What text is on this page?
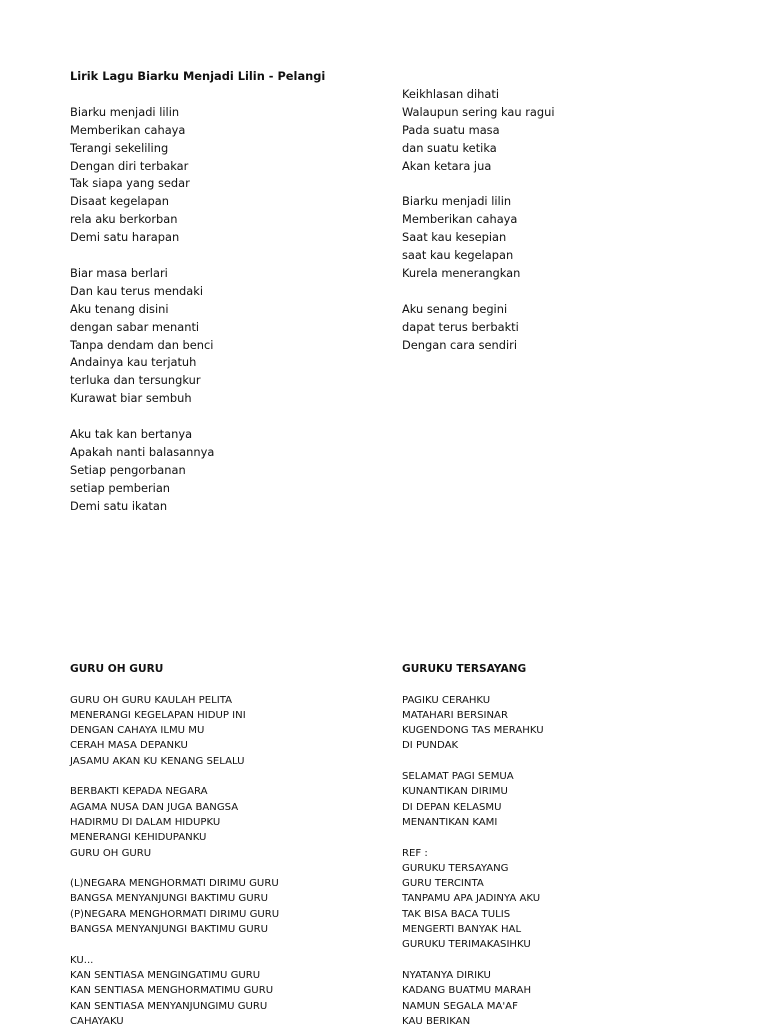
Lirik Lagu Biarku Menjadi Lilin - Pelangi
Biarku menjadi lilin
Memberikan cahaya
Terangi sekeliling
Dengan diri terbakar
Tak siapa yang sedar
Disaat kegelapan
rela aku berkorban
Demi satu harapan
Biar masa berlari
Dan kau terus mendaki
Aku tenang disini
dengan sabar menanti
Tanpa dendam dan benci
Andainya kau terjatuh
terluka dan tersungkur
Kurawat biar sembuh
Aku tak kan bertanya
Apakah nanti balasannya
Setiap pengorbanan
setiap pemberian
Demi satu ikatan
Keikhlasan dihati
Walaupun sering kau ragui
Pada suatu masa
dan suatu ketika
Akan ketara jua
Biarku menjadi lilin
Memberikan cahaya
Saat kau kesepian
saat kau kegelapan
Kurela menerangkan
Aku senang begini
dapat terus berbakti
Dengan cara sendiri
GURU OH GURU
GURU OH GURU KAULAH PELITA
MENERANGI KEGELAPAN HIDUP INI
DENGAN CAHAYA ILMU MU
CERAH MASA DEPANKU
JASAMU AKAN KU KENANG SELALU
BERBAKTI KEPADA NEGARA
AGAMA NUSA DAN JUGA BANGSA
HADIRMU DI DALAM HIDUPKU
MENERANGI KEHIDUPANKU
GURU OH GURU
(L)NEGARA MENGHORMATI DIRIMU GURU
BANGSA MENYANJUNGI BAKTIMU GURU
(P)NEGARA MENGHORMATI DIRIMU GURU
BANGSA MENYANJUNGI BAKTIMU GURU
KU...
KAN SENTIASA MENGINGATIMU GURU
KAN SENTIASA MENGHORMATIMU GURU
KAN SENTIASA MENYANJUNGIMU GURU
CAHAYAKU
GURUKU TERSAYANG
PAGIKU CERAHKU
MATAHARI BERSINAR
KUGENDONG TAS MERAHKU
DI PUNDAK
SELAMAT PAGI SEMUA
KUNANTIKAN DIRIMU
DI DEPAN KELASMU
MENANTIKAN KAMI
REF :
GURUKU TERSAYANG
GURU TERCINTA
TANPAMU APA JADINYA AKU
TAK BISA BACA TULIS
MENGERTI BANYAK HAL
GURUKU TERIMAKASIHKU
NYATANYA DIRIKU
KADANG BUATMU MARAH
NAMUN SEGALA MA'AF
KAU BERIKAN
